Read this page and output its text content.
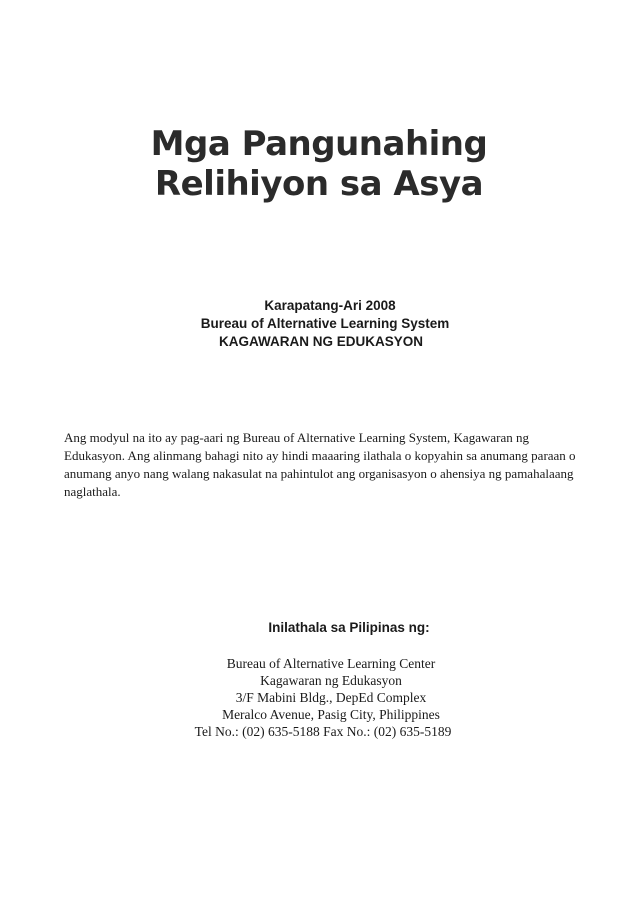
Mga Pangunahing
Relihiyon sa Asya
Karapatang-Ari 2008
Bureau of Alternative Learning System
KAGAWARAN NG EDUKASYON

Ang modyul na ito ay pag-aari ng Bureau of Alternative Learning System, Kagawaran ng Edukasyon. Ang alinmang bahagi nito ay hindi maaaring ilathala o kopyahin sa anumang paraan o anumang anyo nang walang nakasulat na pahintulot ang organisasyon o ahensiya ng pamahalaang naglathala.

Inilathala sa Pilipinas ng:
Bureau of Alternative Learning Center
Kagawaran ng Edukasyon
3/F Mabini Bldg., DepEd Complex
Meralco Avenue, Pasig City, Philippines
Tel No.: (02) 635-5188 Fax No.: (02) 635-5189
